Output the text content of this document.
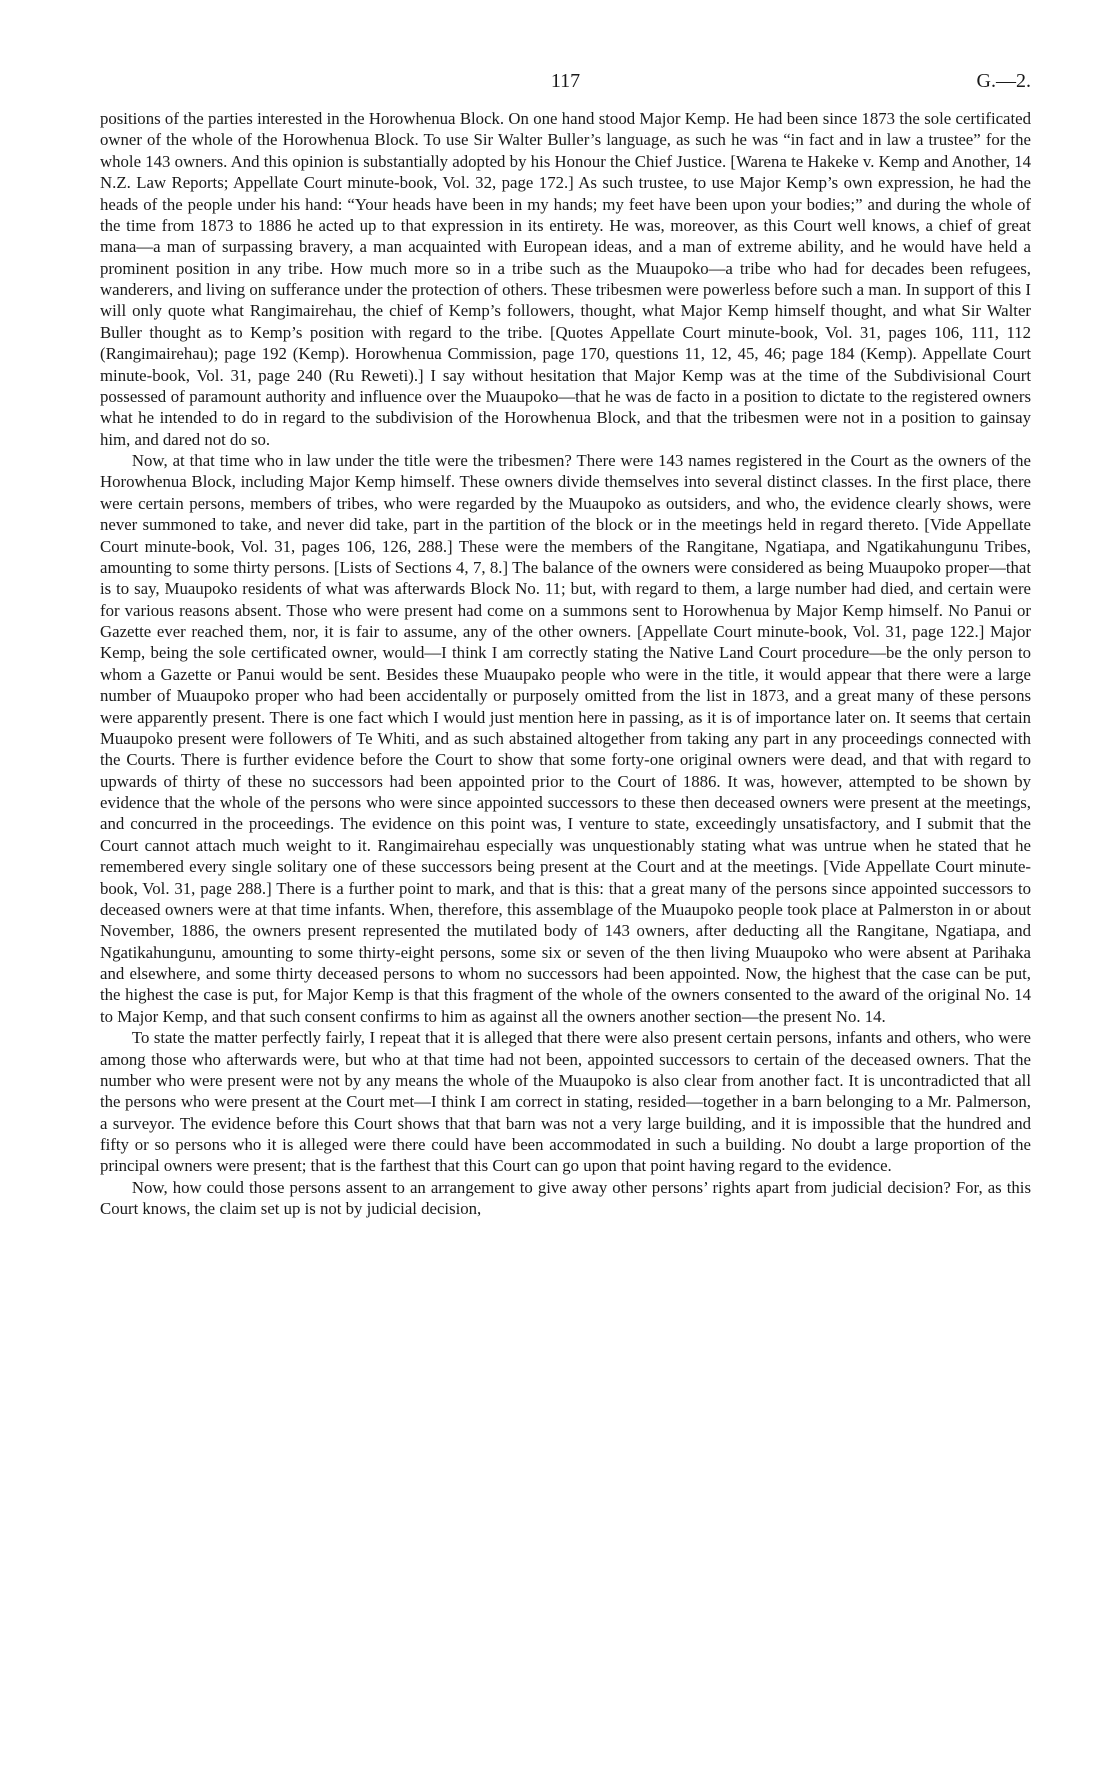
117	G.—2.

positions of the parties interested in the Horowhenua Block. On one hand stood Major Kemp. He had been since 1873 the sole certificated owner of the whole of the Horowhenua Block. To use Sir Walter Buller’s language, as such he was “in fact and in law a trustee” for the whole 143 owners. And this opinion is substantially adopted by his Honour the Chief Justice. [Warena te Hakeke v. Kemp and Another, 14 N.Z. Law Reports; Appellate Court minute-book, Vol. 32, page 172.] As such trustee, to use Major Kemp’s own expression, he had the heads of the people under his hand: “Your heads have been in my hands; my feet have been upon your bodies;” and during the whole of the time from 1873 to 1886 he acted up to that expression in its entirety. He was, moreover, as this Court well knows, a chief of great mana—a man of surpassing bravery, a man acquainted with European ideas, and a man of extreme ability, and he would have held a prominent position in any tribe. How much more so in a tribe such as the Muaupoko—a tribe who had for decades been refugees, wanderers, and living on sufferance under the protection of others. These tribesmen were powerless before such a man. In support of this I will only quote what Rangimairehau, the chief of Kemp’s followers, thought, what Major Kemp himself thought, and what Sir Walter Buller thought as to Kemp’s position with regard to the tribe. [Quotes Appellate Court minute-book, Vol. 31, pages 106, 111, 112 (Rangimairehau); page 192 (Kemp). Horowhenua Commission, page 170, questions 11, 12, 45, 46; page 184 (Kemp). Appellate Court minute-book, Vol. 31, page 240 (Ru Reweti).] I say without hesitation that Major Kemp was at the time of the Subdivisional Court possessed of paramount authority and influence over the Muaupoko—that he was de facto in a position to dictate to the registered owners what he intended to do in regard to the subdivision of the Horowhenua Block, and that the tribesmen were not in a position to gainsay him, and dared not do so.

Now, at that time who in law under the title were the tribesmen? There were 143 names registered in the Court as the owners of the Horowhenua Block, including Major Kemp himself. These owners divide themselves into several distinct classes. In the first place, there were certain persons, members of tribes, who were regarded by the Muaupoko as outsiders, and who, the evidence clearly shows, were never summoned to take, and never did take, part in the partition of the block or in the meetings held in regard thereto. [Vide Appellate Court minute-book, Vol. 31, pages 106, 126, 288.] These were the members of the Rangitane, Ngatiapa, and Ngatikahungunu Tribes, amounting to some thirty persons. [Lists of Sections 4, 7, 8.] The balance of the owners were considered as being Muaupoko proper—that is to say, Muaupoko residents of what was afterwards Block No. 11; but, with regard to them, a large number had died, and certain were for various reasons absent. Those who were present had come on a summons sent to Horowhenua by Major Kemp himself. No Panui or Gazette ever reached them, nor, it is fair to assume, any of the other owners. [Appellate Court minute-book, Vol. 31, page 122.] Major Kemp, being the sole certificated owner, would—I think I am correctly stating the Native Land Court procedure—be the only person to whom a Gazette or Panui would be sent. Besides these Muaupako people who were in the title, it would appear that there were a large number of Muaupoko proper who had been accidentally or purposely omitted from the list in 1873, and a great many of these persons were apparently present. There is one fact which I would just mention here in passing, as it is of importance later on. It seems that certain Muaupoko present were followers of Te Whiti, and as such abstained altogether from taking any part in any proceedings connected with the Courts. There is further evidence before the Court to show that some forty-one original owners were dead, and that with regard to upwards of thirty of these no successors had been appointed prior to the Court of 1886. It was, however, attempted to be shown by evidence that the whole of the persons who were since appointed successors to these then deceased owners were present at the meetings, and concurred in the proceedings. The evidence on this point was, I venture to state, exceedingly unsatisfactory, and I submit that the Court cannot attach much weight to it. Rangimairehau especially was unquestionably stating what was untrue when he stated that he remembered every single solitary one of these successors being present at the Court and at the meetings. [Vide Appellate Court minute-book, Vol. 31, page 288.] There is a further point to mark, and that is this: that a great many of the persons since appointed successors to deceased owners were at that time infants. When, therefore, this assemblage of the Muaupoko people took place at Palmerston in or about November, 1886, the owners present represented the mutilated body of 143 owners, after deducting all the Rangitane, Ngatiapa, and Ngatikahungunu, amounting to some thirty-eight persons, some six or seven of the then living Muaupoko who were absent at Parihaka and elsewhere, and some thirty deceased persons to whom no successors had been appointed. Now, the highest that the case can be put, the highest the case is put, for Major Kemp is that this fragment of the whole of the owners consented to the award of the original No. 14 to Major Kemp, and that such consent confirms to him as against all the owners another section—the present No. 14.

To state the matter perfectly fairly, I repeat that it is alleged that there were also present certain persons, infants and others, who were among those who afterwards were, but who at that time had not been, appointed successors to certain of the deceased owners. That the number who were present were not by any means the whole of the Muaupoko is also clear from another fact. It is uncontradicted that all the persons who were present at the Court met—I think I am correct in stating, resided—together in a barn belonging to a Mr. Palmerson, a surveyor. The evidence before this Court shows that that barn was not a very large building, and it is impossible that the hundred and fifty or so persons who it is alleged were there could have been accommodated in such a building. No doubt a large proportion of the principal owners were present; that is the farthest that this Court can go upon that point having regard to the evidence.

Now, how could those persons assent to an arrangement to give away other persons’ rights apart from judicial decision? For, as this Court knows, the claim set up is not by judicial decision,
